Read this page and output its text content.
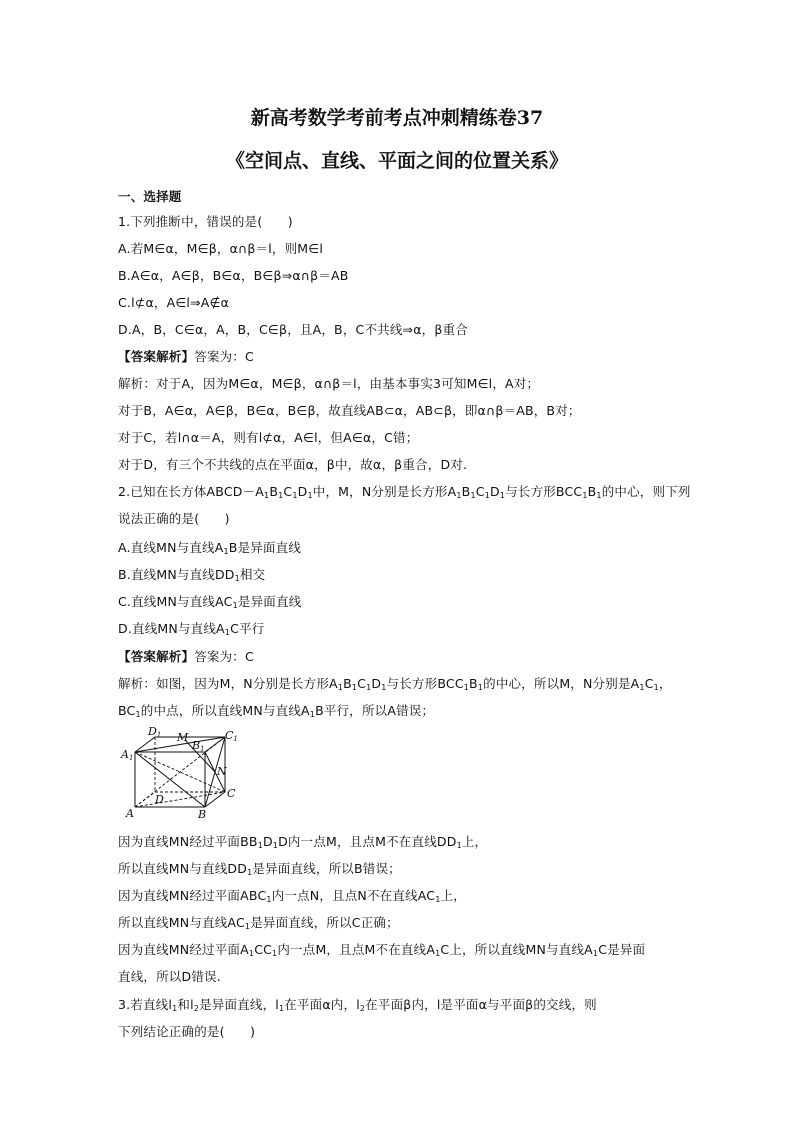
新高考数学考前考点冲刺精练卷37
《空间点、直线、平面之间的位置关系》
一、选择题
1.下列推断中，错误的是(　　)
A.若M∈α，M∈β，α∩β＝l，则M∈l
B.A∈α，A∈β，B∈α，B∈β⇒α∩β＝AB
C.l⊄α，A∈l⇒A∉α
D.A，B，C∈α，A，B，C∈β，且A，B，C不共线⇒α，β重合
【答案解析】答案为：C
解析：对于A，因为M∈α，M∈β，α∩β＝l，由基本事实3可知M∈l，A对；
对于B，A∈α，A∈β，B∈α，B∈β，故直线AB⊂α，AB⊂β，即α∩β＝AB，B对；
对于C，若l∩α＝A，则有l⊄α，A∈l，但A∈α，C错；
对于D，有三个不共线的点在平面α，β中，故α，β重合，D对.
2.已知在长方体$ABCD-A_1B_1C_1D_1$中，M，N分别是长方形$A_1B_1C_1D_1$与长方形$BCC_1B_1$的中心，则下列
说法正确的是(　　)
A.直线MN与直线$A_1B$是异面直线
B.直线MN与直线$DD_1$相交
C.直线MN与直线$AC_1$是异面直线
D.直线MN与直线$A_1C$平行
【答案解析】答案为：C
解析：如图，因为M，N分别是长方形$A_1B_1C_1D_1$与长方形$BCC_1B_1$的中心，所以M，N分别是$A_1C_1$，
$BC_1$的中点，所以直线MN与直线$A_1B$平行，所以A错误；
D1 M
B1
C1
A1
N
D	C
A	B
因为直线MN经过平面$BB_1D_1D$内一点M，且点M不在直线$DD_1$上，
所以直线MN与直线$DD_1$是异面直线，所以B错误；
因为直线MN经过平面$ABC_1$内一点N，且点N不在直线$AC_1$上，
所以直线MN与直线$AC_1$是异面直线，所以C正确；
因为直线MN经过平面$A_1CC_1$内一点M，且点M不在直线$A_1C$上，所以直线MN与直线$A_1C$是异面
直线，所以D错误.
3.若直线$l_1$和$l_2$是异面直线，$l_1$在平面α内，$l_2$在平面β内，l是平面α与平面β的交线，则
下列结论正确的是(　　)
